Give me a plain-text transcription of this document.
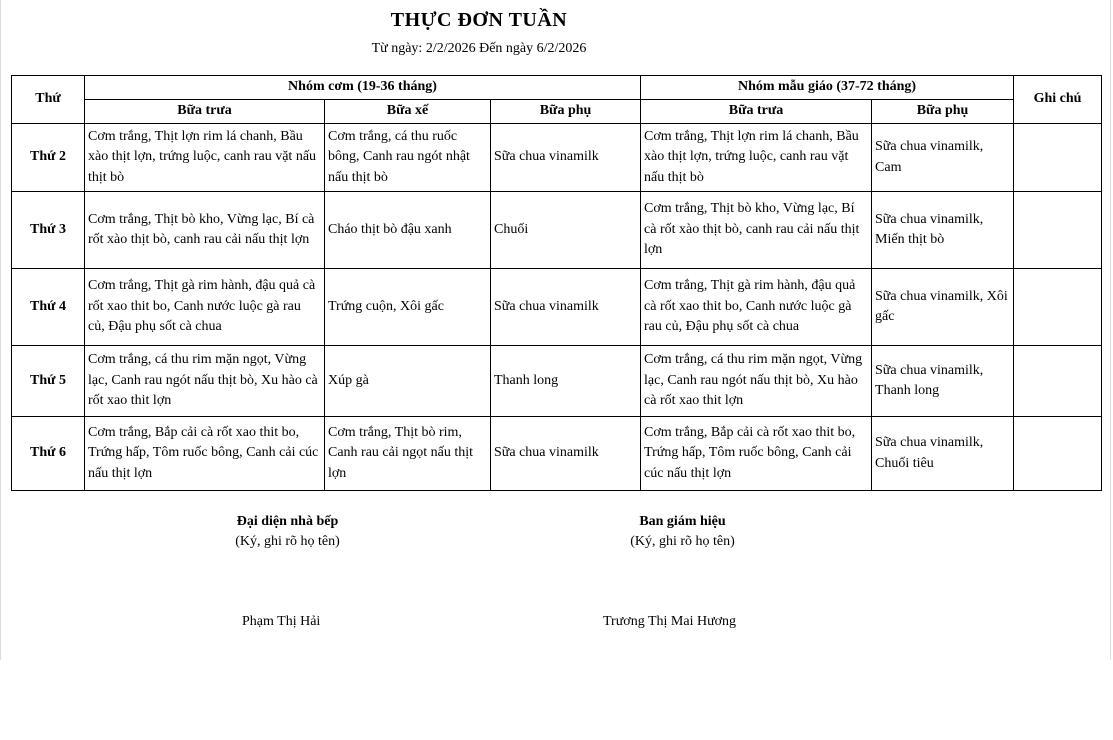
THỰC ĐƠN TUẦN
Từ ngày: 2/2/2026 Đến ngày 6/2/2026
Thứ	Nhóm cơm (19-36 tháng)			Nhóm mẫu giáo (37-72 tháng)		Ghi chú
	Bữa trưa	Bữa xế	Bữa phụ	Bữa trưa	Bữa phụ	
Thứ 2	Cơm trắng, Thịt lợn rim lá chanh, Bầu xào thịt lợn, trứng luộc, canh rau vặt nấu thịt bò	Cơm trắng, cá thu ruốc bông, Canh rau ngót nhật nấu thịt bò	Sữa chua vinamilk	Cơm trắng, Thịt lợn rim lá chanh, Bầu xào thịt lợn, trứng luộc, canh rau vặt nấu thịt bò	Sữa chua vinamilk, Cam	
Thứ 3	Cơm trắng, Thịt bò kho, Vừng lạc, Bí cà rốt xào thịt bò, canh rau cải nấu thịt lợn	Cháo thịt bò đậu xanh	Chuối	Cơm trắng, Thịt bò kho, Vừng lạc, Bí cà rốt xào thịt bò, canh rau cải nấu thịt lợn	Sữa chua vinamilk, Miến thịt bò	
Thứ 4	Cơm trắng, Thịt gà rim hành, đậu quả cà rốt xao thit bo, Canh nước luộc gà rau củ, Đậu phụ sốt cà chua	Trứng cuộn, Xôi gấc	Sữa chua vinamilk	Cơm trắng, Thịt gà rim hành, đậu quả cà rốt xao thit bo, Canh nước luộc gà rau củ, Đậu phụ sốt cà chua	Sữa chua vinamilk, Xôi gấc	
Thứ 5	Cơm trắng, cá thu rim mặn ngọt, Vừng lạc, Canh rau ngót nấu thịt bò, Xu hào cà rốt xao thit lợn	Xúp gà	Thanh long	Cơm trắng, cá thu rim mặn ngọt, Vừng lạc, Canh rau ngót nấu thịt bò, Xu hào cà rốt xao thit lợn	Sữa chua vinamilk, Thanh long	
Thứ 6	Cơm trắng, Bắp cải cà rốt xao thit bo, Trứng hấp, Tôm ruốc bông, Canh cải cúc nấu thịt lợn	Cơm trắng, Thịt bò rim, Canh rau cải ngọt nấu thịt lợn	Sữa chua vinamilk	Cơm trắng, Bắp cải cà rốt xao thit bo, Trứng hấp, Tôm ruốc bông, Canh cải cúc nấu thịt lợn	Sữa chua vinamilk, Chuối tiêu	
Đại diện nhà bếp
(Ký, ghi rõ họ tên)
Phạm Thị Hải
Ban giám hiệu
(Ký, ghi rõ họ tên)
Trương Thị Mai Hương
